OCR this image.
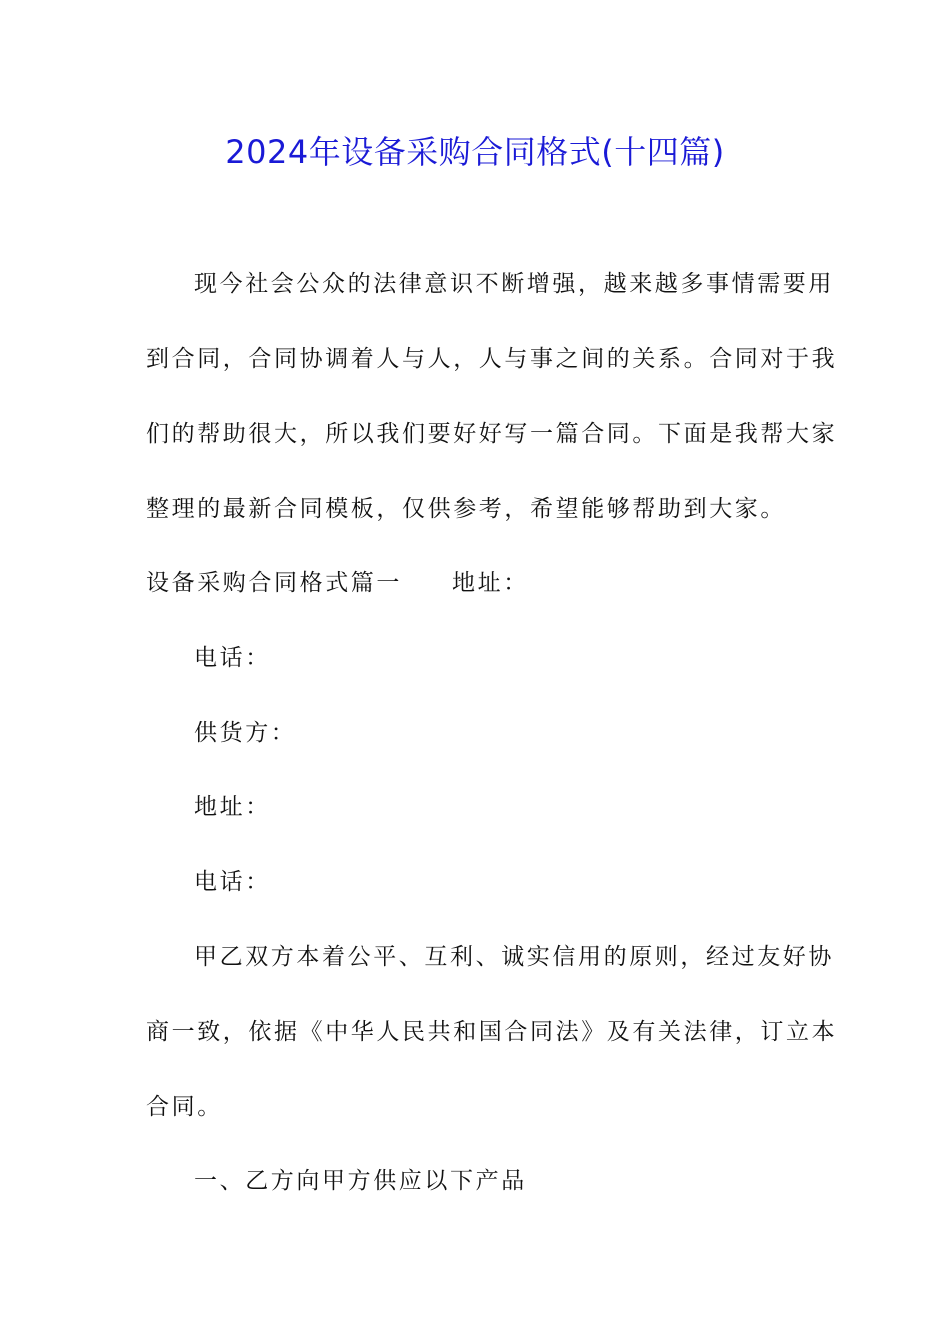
2024年设备采购合同格式(十四篇)
现今社会公众的法律意识不断增强，越来越多事情需要用
到合同，合同协调着人与人，人与事之间的关系。合同对于我
们的帮助很大，所以我们要好好写一篇合同。下面是我帮大家
整理的最新合同模板，仅供参考，希望能够帮助到大家。
设备采购合同格式篇一 地址：
电话：
供货方：
地址：
电话：
甲乙双方本着公平、互利、诚实信用的原则，经过友好协
商一致，依据《中华人民共和国合同法》及有关法律，订立本
合同。
一、乙方向甲方供应以下产品
